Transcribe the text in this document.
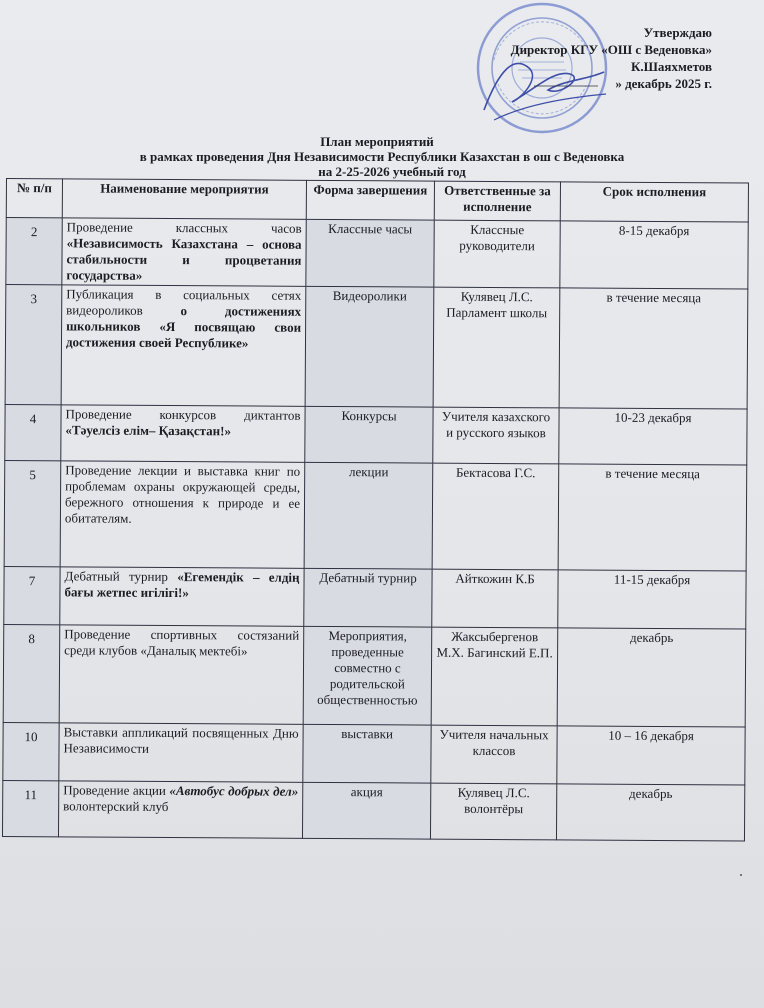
Утверждаю
Директор КГУ «ОШ с Веденовка»
К.Шаяхметов
» декабрь 2025 г.
План мероприятий
в рамках проведения Дня Независимости Республики Казахстан в ош с Веденовка
на 2-25-2026 учебный год
№ п/п	Наименование мероприятия	Форма завершения	Ответственные за исполнение	Срок исполнения
2	Проведение классных часов «Независимость Казахстана – основа стабильности и процветания государства»	Классные часы	Классные руководители	8-15 декабря
3	Публикация в социальных сетях видеороликов о достижениях школьников «Я посвящаю свои достижения своей Республике»	Видеоролики	Кулявец Л.С. Парламент школы	в течение месяца
4	Проведение конкурсов диктантов «Тәуелсіз елім– Қазақстан!»	Конкурсы	Учителя казахского и русского языков	10-23 декабря
5	Проведение лекции и выставка книг по проблемам охраны окружающей среды, бережного отношения к природе и ее обитателям.	лекции	Бектасова Г.С.	в течение месяца
7	Дебатный турнир «Егемендік – елдің бағы жетпес игілігі!»	Дебатный турнир	Айткожин К.Б	11-15 декабря
8	Проведение спортивных состязаний среди клубов «Даналық мектебі»	Мероприятия, проведенные совместно с родительской общественностью	Жаксыбергенов М.Х. Багинский Е.П.	декабрь
10	Выставки аппликаций посвященных Дню Независимости	выставки	Учителя начальных классов	10 – 16 декабря
11	Проведение акции «Автобус добрых дел» волонтерский клуб	акция	Кулявец Л.С. волонтёры	декабрь
